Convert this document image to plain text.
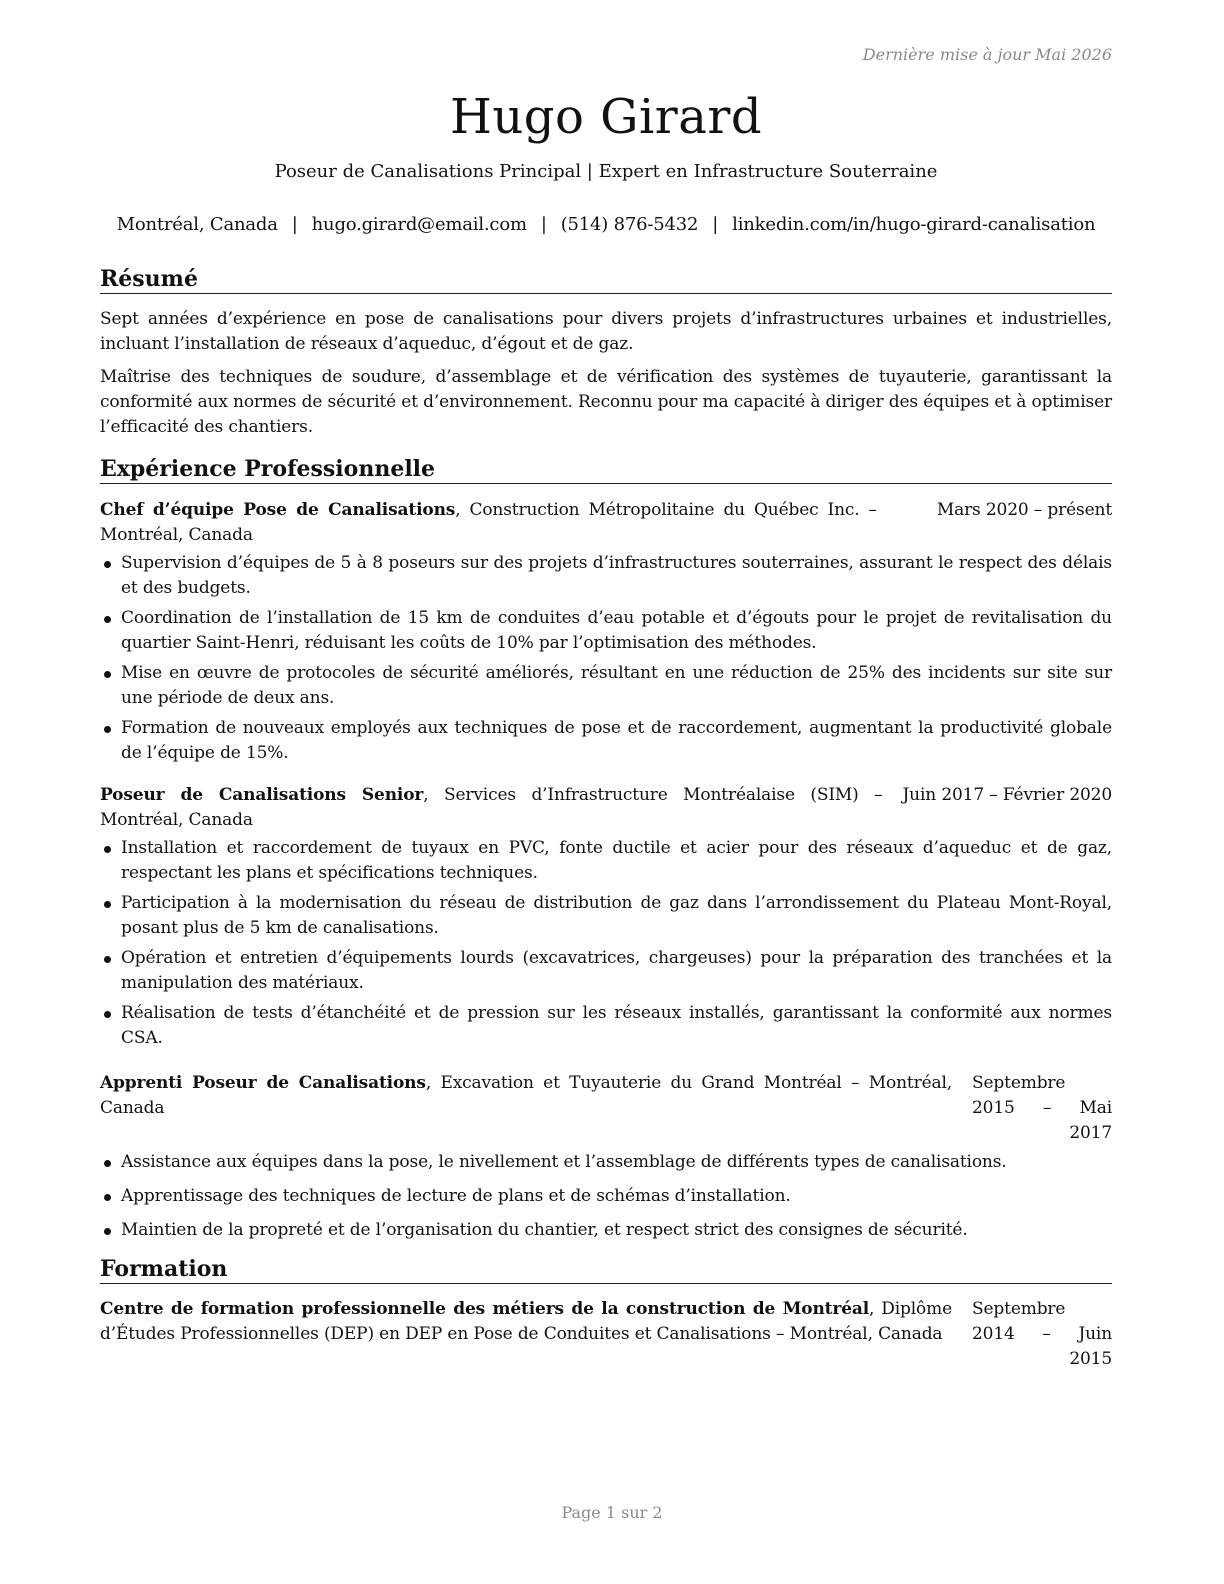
Dernière mise à jour Mai 2026
Hugo Girard
Poseur de Canalisations Principal | Expert en Infrastructure Souterraine
Montréal, Canada | hugo.girard@email.com | (514) 876-5432 | linkedin.com/in/hugo-girard-canalisation
Résumé

Sept années d’expérience en pose de canalisations pour divers projets d’infrastructures urbaines et industrielles, incluant l’installation de réseaux d’aqueduc, d’égout et de gaz.

Maîtrise des techniques de soudure, d’assemblage et de vérification des systèmes de tuyauterie, garantissant la conformité aux normes de sécurité et d’environnement. Reconnu pour ma capacité à diriger des équipes et à optimiser l’efficacité des chantiers.

Expérience Professionnelle
Chef d’équipe Pose de Canalisations, Construction Métropolitaine du Québec Inc. – Montréal, Canada
Mars 2020 – présent
Supervision d’équipes de 5 à 8 poseurs sur des projets d’infrastructures souterraines, assurant le respect des délais et des budgets.
Coordination de l’installation de 15 km de conduites d’eau potable et d’égouts pour le projet de revitalisation du quartier Saint-Henri, réduisant les coûts de 10% par l’optimisation des méthodes.
Mise en œuvre de protocoles de sécurité améliorés, résultant en une réduction de 25% des incidents sur site sur une période de deux ans.
Formation de nouveaux employés aux techniques de pose et de raccordement, augmentant la productivité globale de l’équipe de 15%.
Poseur de Canalisations Senior, Services d’Infrastructure Montréalaise (SIM) – Montréal, Canada
Juin 2017 – Février 2020
Installation et raccordement de tuyaux en PVC, fonte ductile et acier pour des réseaux d’aqueduc et de gaz, respectant les plans et spécifications techniques.
Participation à la modernisation du réseau de distribution de gaz dans l’arrondissement du Plateau Mont-Royal, posant plus de 5 km de canalisations.
Opération et entretien d’équipements lourds (excavatrices, chargeuses) pour la préparation des tranchées et la manipulation des matériaux.
Réalisation de tests d’étanchéité et de pression sur les réseaux installés, garantissant la conformité aux normes CSA.
Apprenti Poseur de Canalisations, Excavation et Tuyauterie du Grand Montréal – Montréal, Canada
Septembre 2015 – Mai 2017
Assistance aux équipes dans la pose, le nivellement et l’assemblage de différents types de canalisations.
Apprentissage des techniques de lecture de plans et de schémas d’installation.
Maintien de la propreté et de l’organisation du chantier, et respect strict des consignes de sécurité.
Formation
Centre de formation professionnelle des métiers de la construction de Montréal, Diplôme d’Études Professionnelles (DEP) en DEP en Pose de Conduites et Canalisations – Montréal, Canada
Septembre 2014 – Juin 2015
Page 1 sur 2
